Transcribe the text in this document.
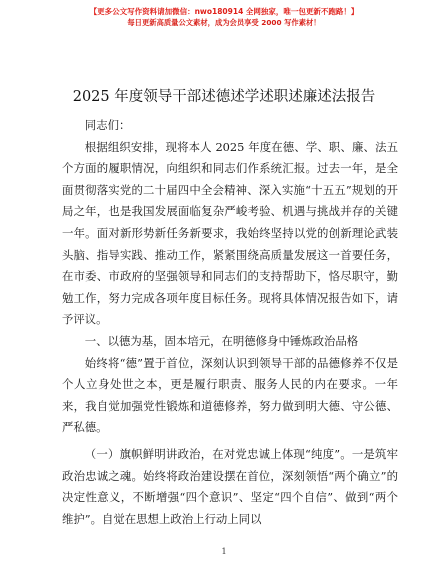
【更多公文写作资料请加微信：nwo180914 全网独家，唯一包更新不跑路！】
每日更新高质量公文素材，成为会员享受 2000 写作素材！
2025 年度领导干部述德述学述职述廉述法报告

同志们：

根据组织安排，现将本人 2025 年度在德、学、职、廉、法五个方面的履职情况，向组织和同志们作系统汇报。过去一年，是全面贯彻落实党的二十届四中全会精神、深入实施“十五五”规划的开局之年，也是我国发展面临复杂严峻考验、机遇与挑战并存的关键一年。面对新形势新任务新要求，我始终坚持以党的创新理论武装头脑、指导实践、推动工作，紧紧围绕高质量发展这一首要任务，在市委、市政府的坚强领导和同志们的支持帮助下，恪尽职守，勤勉工作，努力完成各项年度目标任务。现将具体情况报告如下，请予评议。

一、以德为基，固本培元，在明德修身中锤炼政治品格

始终将“德”置于首位，深刻认识到领导干部的品德修养不仅是个人立身处世之本，更是履行职责、服务人民的内在要求。一年来，我自觉加强党性锻炼和道德修养，努力做到明大德、守公德、严私德。

（一）旗帜鲜明讲政治，在对党忠诚上体现“纯度”。一是筑牢政治忠诚之魂。始终将政治建设摆在首位，深刻领悟“两个确立”的决定性意义，不断增强“四个意识”、坚定“四个自信”、做到“两个维护”。自觉在思想上政治上行动上同以

1
